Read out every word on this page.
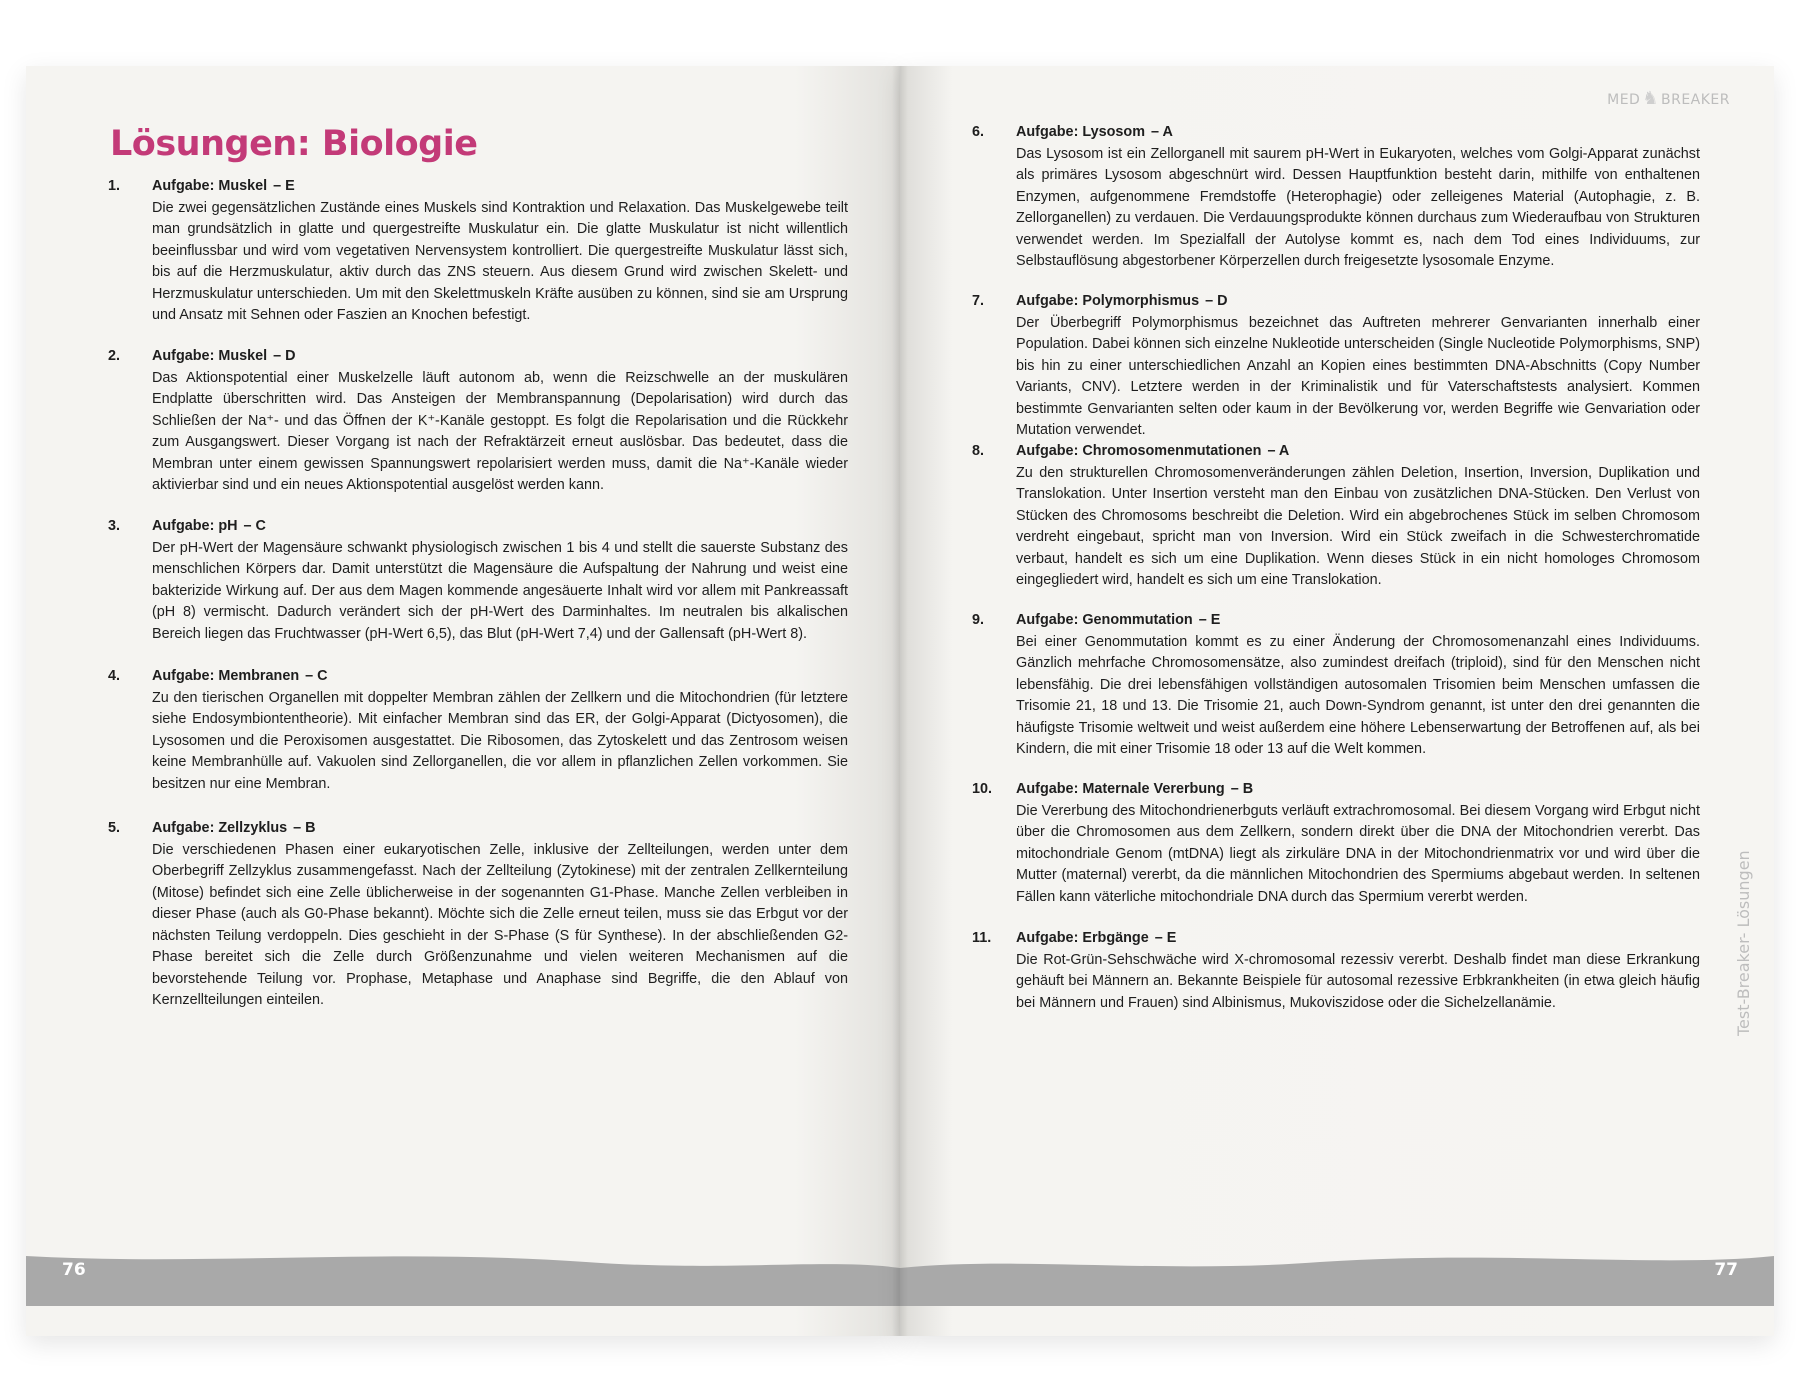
Lösungen: Biologie
1. Aufgabe: Muskel – E

Die zwei gegensätzlichen Zustände eines Muskels sind Kontraktion und Relaxation. Das Muskelgewebe teilt man grundsätzlich in glatte und quergestreifte Muskulatur ein. Die glatte Muskulatur ist nicht willentlich beeinflussbar und wird vom vegetativen Nervensystem kontrolliert. Die quergestreifte Muskulatur lässt sich, bis auf die Herzmuskulatur, aktiv durch das ZNS steuern. Aus diesem Grund wird zwischen Skelett- und Herzmuskulatur unterschieden. Um mit den Skelettmuskeln Kräfte ausüben zu können, sind sie am Ursprung und Ansatz mit Sehnen oder Faszien an Knochen befestigt.

2. Aufgabe: Muskel – D

Das Aktionspotential einer Muskelzelle läuft autonom ab, wenn die Reizschwelle an der muskulären Endplatte überschritten wird. Das Ansteigen der Membranspannung (Depolarisation) wird durch das Schließen der Na⁺- und das Öffnen der K⁺-Kanäle gestoppt. Es folgt die Repolarisation und die Rückkehr zum Ausgangswert. Dieser Vorgang ist nach der Refraktärzeit erneut auslösbar. Das bedeutet, dass die Membran unter einem gewissen Spannungswert repolarisiert werden muss, damit die Na⁺-Kanäle wieder aktivierbar sind und ein neues Aktionspotential ausgelöst werden kann.

3. Aufgabe: pH – C

Der pH-Wert der Magensäure schwankt physiologisch zwischen 1 bis 4 und stellt die sauerste Substanz des menschlichen Körpers dar. Damit unterstützt die Magensäure die Aufspaltung der Nahrung und weist eine bakterizide Wirkung auf. Der aus dem Magen kommende angesäuerte Inhalt wird vor allem mit Pankreassaft (pH 8) vermischt. Dadurch verändert sich der pH-Wert des Darminhaltes. Im neutralen bis alkalischen Bereich liegen das Fruchtwasser (pH-Wert 6,5), das Blut (pH-Wert 7,4) und der Gallensaft (pH-Wert 8).

4. Aufgabe: Membranen – C

Zu den tierischen Organellen mit doppelter Membran zählen der Zellkern und die Mitochondrien (für letztere siehe Endosymbiontentheorie). Mit einfacher Membran sind das ER, der Golgi-Apparat (Dictyosomen), die Lysosomen und die Peroxisomen ausgestattet. Die Ribosomen, das Zytoskelett und das Zentrosom weisen keine Membranhülle auf. Vakuolen sind Zellorganellen, die vor allem in pflanzlichen Zellen vorkommen. Sie besitzen nur eine Membran.

5. Aufgabe: Zellzyklus – B

Die verschiedenen Phasen einer eukaryotischen Zelle, inklusive der Zellteilungen, werden unter dem Oberbegriff Zellzyklus zusammengefasst. Nach der Zellteilung (Zytokinese) mit der zentralen Zellkernteilung (Mitose) befindet sich eine Zelle üblicherweise in der sogenannten G1-Phase. Manche Zellen verbleiben in dieser Phase (auch als G0-Phase bekannt). Möchte sich die Zelle erneut teilen, muss sie das Erbgut vor der nächsten Teilung verdoppeln. Dies geschieht in der S-Phase (S für Synthese). In der abschließenden G2-Phase bereitet sich die Zelle durch Größenzunahme und vielen weiteren Mechanismen auf die bevorstehende Teilung vor. Prophase, Metaphase und Anaphase sind Begriffe, die den Ablauf von Kernzellteilungen einteilen.

76
MED ♞ BREAKER
6. Aufgabe: Lysosom – A

Das Lysosom ist ein Zellorganell mit saurem pH-Wert in Eukaryoten, welches vom Golgi-Apparat zunächst als primäres Lysosom abgeschnürt wird. Dessen Hauptfunktion besteht darin, mithilfe von enthaltenen Enzymen, aufgenommene Fremdstoffe (Heterophagie) oder zelleigenes Material (Autophagie, z. B. Zellorganellen) zu verdauen. Die Verdauungsprodukte können durchaus zum Wiederaufbau von Strukturen verwendet werden. Im Spezialfall der Autolyse kommt es, nach dem Tod eines Individuums, zur Selbstauflösung abgestorbener Körperzellen durch freigesetzte lysosomale Enzyme.

7. Aufgabe: Polymorphismus – D

Der Überbegriff Polymorphismus bezeichnet das Auftreten mehrerer Genvarianten innerhalb einer Population. Dabei können sich einzelne Nukleotide unterscheiden (Single Nucleotide Polymorphisms, SNP) bis hin zu einer unterschiedlichen Anzahl an Kopien eines bestimmten DNA-Abschnitts (Copy Number Variants, CNV). Letztere werden in der Kriminalistik und für Vaterschaftstests analysiert. Kommen bestimmte Genvarianten selten oder kaum in der Bevölkerung vor, werden Begriffe wie Genvariation oder Mutation verwendet.

8. Aufgabe: Chromosomenmutationen – A

Zu den strukturellen Chromosomenveränderungen zählen Deletion, Insertion, Inversion, Duplikation und Translokation. Unter Insertion versteht man den Einbau von zusätzlichen DNA-Stücken. Den Verlust von Stücken des Chromosoms beschreibt die Deletion. Wird ein abgebrochenes Stück im selben Chromosom verdreht eingebaut, spricht man von Inversion. Wird ein Stück zweifach in die Schwesterchromatide verbaut, handelt es sich um eine Duplikation. Wenn dieses Stück in ein nicht homologes Chromosom eingegliedert wird, handelt es sich um eine Translokation.

9. Aufgabe: Genommutation – E

Bei einer Genommutation kommt es zu einer Änderung der Chromosomenanzahl eines Individuums. Gänzlich mehrfache Chromosomensätze, also zumindest dreifach (triploid), sind für den Menschen nicht lebensfähig. Die drei lebensfähigen vollständigen autosomalen Trisomien beim Menschen umfassen die Trisomie 21, 18 und 13. Die Trisomie 21, auch Down-Syndrom genannt, ist unter den drei genannten die häufigste Trisomie weltweit und weist außerdem eine höhere Lebenserwartung der Betroffenen auf, als bei Kindern, die mit einer Trisomie 18 oder 13 auf die Welt kommen.

10. Aufgabe: Maternale Vererbung – B

Die Vererbung des Mitochondrienerbguts verläuft extrachromosomal. Bei diesem Vorgang wird Erbgut nicht über die Chromosomen aus dem Zellkern, sondern direkt über die DNA der Mitochondrien vererbt. Das mitochondriale Genom (mtDNA) liegt als zirkuläre DNA in der Mitochondrienmatrix vor und wird über die Mutter (maternal) vererbt, da die männlichen Mitochondrien des Spermiums abgebaut werden. In seltenen Fällen kann väterliche mitochondriale DNA durch das Spermium vererbt werden.

11. Aufgabe: Erbgänge – E

Die Rot-Grün-Sehschwäche wird X-chromosomal rezessiv vererbt. Deshalb findet man diese Erkrankung gehäuft bei Männern an. Bekannte Beispiele für autosomal rezessive Erbkrankheiten (in etwa gleich häufig bei Männern und Frauen) sind Albinismus, Mukoviszidose oder die Sichelzellanämie.	Test-Breaker- Lösungen
77
